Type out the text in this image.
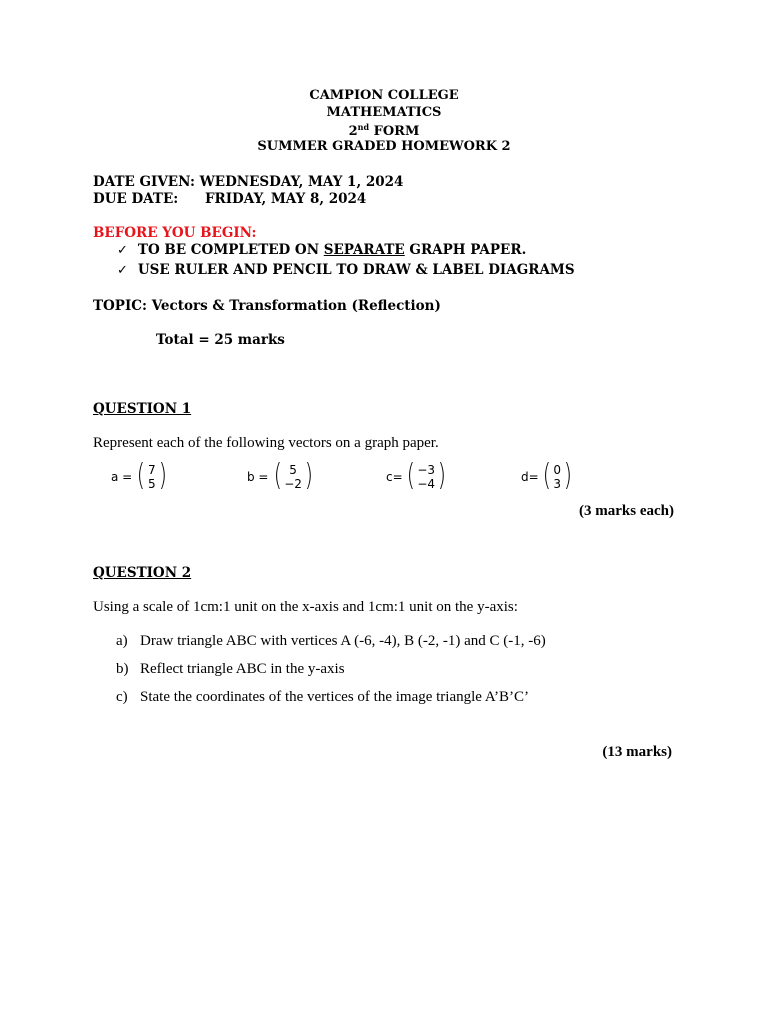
CAMPION COLLEGE
MATHEMATICS
2nd FORM
SUMMER GRADED HOMEWORK 2
DATE GIVEN: WEDNESDAY, MAY 1, 2024
DUE DATE: FRIDAY, MAY 8, 2024
BEFORE YOU BEGIN:
✓ TO BE COMPLETED ON SEPARATE GRAPH PAPER.
✓ USE RULER AND PENCIL TO DRAW & LABEL DIAGRAMS
TOPIC: Vectors & Transformation (Reflection)
Total = 25 marks
QUESTION 1
Represent each of the following vectors on a graph paper.
a = ( 7
5 )	b = ( 5
−2 )	c= ( −3
−4 )	d= ( 0
3 )
(3 marks each)
QUESTION 2
Using a scale of 1cm:1 unit on the x-axis and 1cm:1 unit on the y-axis:
a) Draw triangle ABC with vertices A (-6, -4), B (-2, -1) and C (-1, -6)
b) Reflect triangle ABC in the y-axis
c) State the coordinates of the vertices of the image triangle A’B’C’
(13 marks)
